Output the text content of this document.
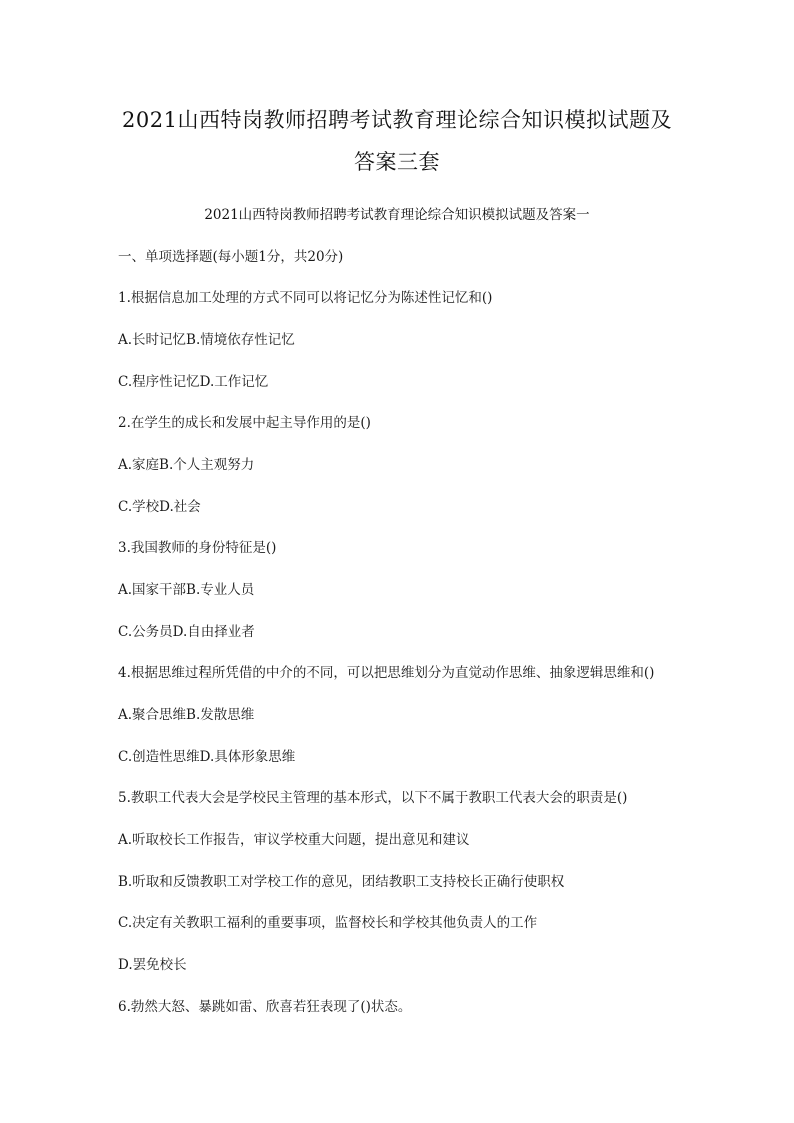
2021山西特岗教师招聘考试教育理论综合知识模拟试题及
答案三套
2021山西特岗教师招聘考试教育理论综合知识模拟试题及答案一
一、单项选择题(每小题1分，共20分)
1.根据信息加工处理的方式不同可以将记忆分为陈述性记忆和()
A.长时记忆B.情境依存性记忆
C.程序性记忆D.工作记忆
2.在学生的成长和发展中起主导作用的是()
A.家庭B.个人主观努力
C.学校D.社会
3.我国教师的身份特征是()
A.国家干部B.专业人员
C.公务员D.自由择业者
4.根据思维过程所凭借的中介的不同，可以把思维划分为直觉动作思维、抽象逻辑思维和()
A.聚合思维B.发散思维
C.创造性思维D.具体形象思维
5.教职工代表大会是学校民主管理的基本形式，以下不属于教职工代表大会的职责是()
A.听取校长工作报告，审议学校重大问题，提出意见和建议
B.听取和反馈教职工对学校工作的意见，团结教职工支持校长正确行使职权
C.决定有关教职工福利的重要事项，监督校长和学校其他负责人的工作
D.罢免校长
6.勃然大怒、暴跳如雷、欣喜若狂表现了()状态。
